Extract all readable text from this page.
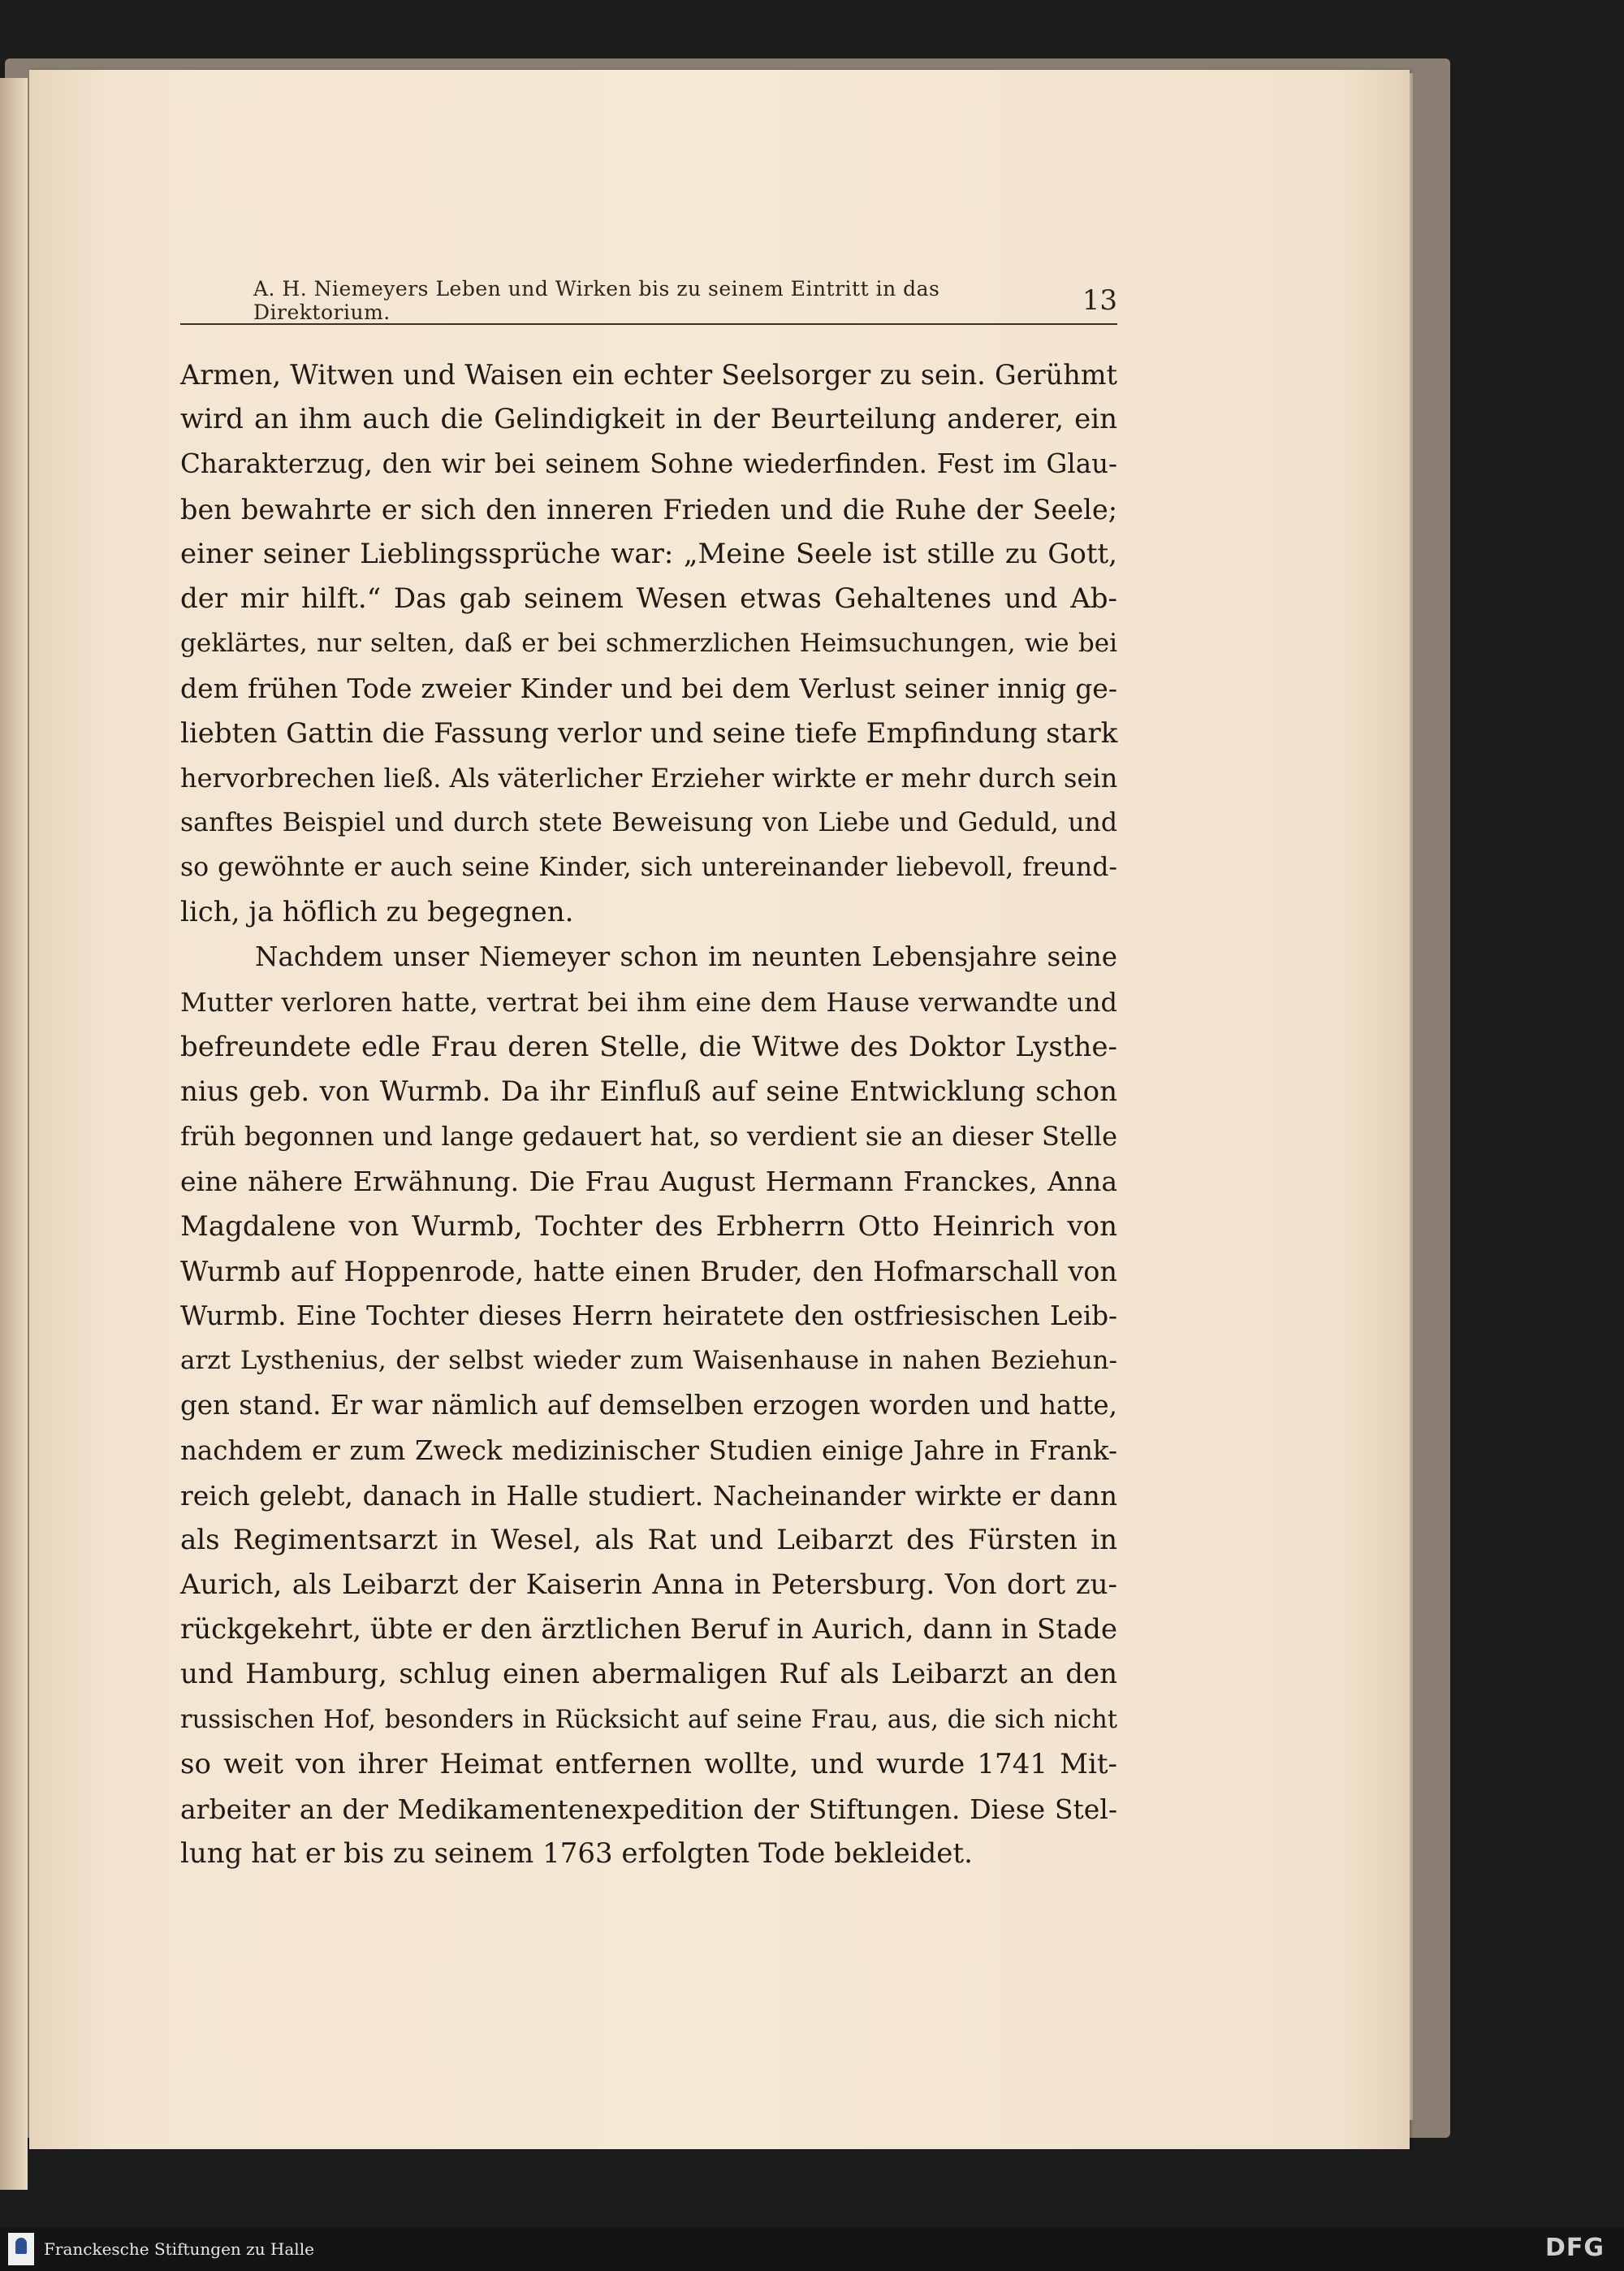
A. H. Niemeyers Leben und Wirken bis zu seinem Eintritt in das Direktorium.	13
Armen, Witwen und Waisen ein echter Seelsorger zu sein. Gerühmt
wird an ihm auch die Gelindigkeit in der Beurteilung anderer, ein
Charakterzug, den wir bei seinem Sohne wiederfinden. Fest im Glau-
ben bewahrte er sich den inneren Frieden und die Ruhe der Seele;
einer seiner Lieblingssprüche war: „Meine Seele ist stille zu Gott,
der mir hilft.“ Das gab seinem Wesen etwas Gehaltenes und Ab-
geklärtes, nur selten, daß er bei schmerzlichen Heimsuchungen, wie bei
dem frühen Tode zweier Kinder und bei dem Verlust seiner innig ge-
liebten Gattin die Fassung verlor und seine tiefe Empfindung stark
hervorbrechen ließ. Als väterlicher Erzieher wirkte er mehr durch sein
sanftes Beispiel und durch stete Beweisung von Liebe und Geduld, und
so gewöhnte er auch seine Kinder, sich untereinander liebevoll, freund-
lich, ja höflich zu begegnen.
Nachdem unser Niemeyer schon im neunten Lebensjahre seine
Mutter verloren hatte, vertrat bei ihm eine dem Hause verwandte und
befreundete edle Frau deren Stelle, die Witwe des Doktor Lysthe-
nius geb. von Wurmb. Da ihr Einfluß auf seine Entwicklung schon
früh begonnen und lange gedauert hat, so verdient sie an dieser Stelle
eine nähere Erwähnung. Die Frau August Hermann Franckes, Anna
Magdalene von Wurmb, Tochter des Erbherrn Otto Heinrich von
Wurmb auf Hoppenrode, hatte einen Bruder, den Hofmarschall von
Wurmb. Eine Tochter dieses Herrn heiratete den ostfriesischen Leib-
arzt Lysthenius, der selbst wieder zum Waisenhause in nahen Beziehun-
gen stand. Er war nämlich auf demselben erzogen worden und hatte,
nachdem er zum Zweck medizinischer Studien einige Jahre in Frank-
reich gelebt, danach in Halle studiert. Nacheinander wirkte er dann
als Regimentsarzt in Wesel, als Rat und Leibarzt des Fürsten in
Aurich, als Leibarzt der Kaiserin Anna in Petersburg. Von dort zu-
rückgekehrt, übte er den ärztlichen Beruf in Aurich, dann in Stade
und Hamburg, schlug einen abermaligen Ruf als Leibarzt an den
russischen Hof, besonders in Rücksicht auf seine Frau, aus, die sich nicht
so weit von ihrer Heimat entfernen wollte, und wurde 1741 Mit-
arbeiter an der Medikamentenexpedition der Stiftungen. Diese Stel-
lung hat er bis zu seinem 1763 erfolgten Tode bekleidet.
Franckesche Stiftungen zu Halle	DFG
